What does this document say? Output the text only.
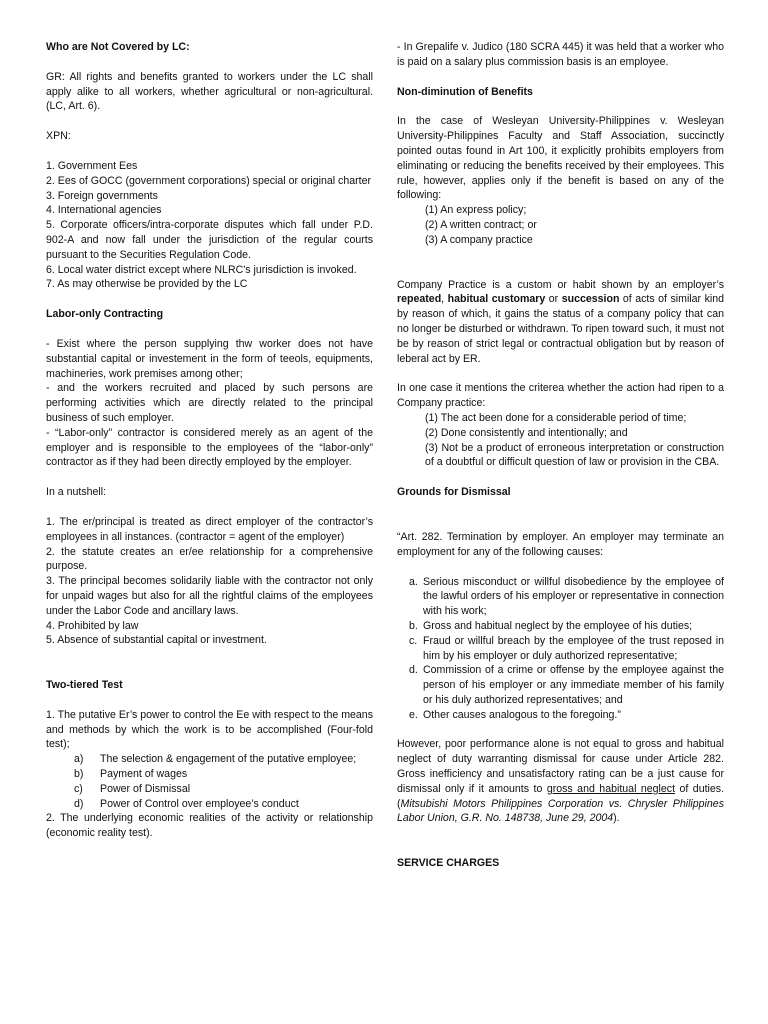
Who are Not Covered by LC:

GR: All rights and benefits granted to workers under the LC shall apply alike to all workers, whether agricultural or non-agricultural. (LC, Art. 6).

XPN:

1. Government Ees

2. Ees of GOCC (government corporations) special or original charter

3. Foreign governments

4. International agencies

5. Corporate officers/intra-corporate disputes which fall under P.D. 902-A and now fall under the jurisdiction of the regular courts pursuant to the Securities Regulation Code.

6. Local water district except where NLRC's jurisdiction is invoked.

7. As may otherwise be provided by the LC

Labor-only Contracting

- Exist where the person supplying thw worker does not have substantial capital or investement in the form of teeols, equipments, machineries, work premises among other;

- and the workers recruited and placed by such persons are performing activities which are directly related to the principal business of such employer.

- “Labor-only” contractor is considered merely as an agent of the employer and is responsible to the employees of the “labor-only” contractor as if they had been directly employed by the employer.

In a nutshell:

1. The er/principal is treated as direct employer of the contractor’s employees in all instances. (contractor = agent of the employer)

2. the statute creates an er/ee relationship for a comprehensive purpose.

3. The principal becomes solidarily liable with the contractor not only for unpaid wages but also for all the rightful claims of the employees under the Labor Code and ancillary laws.

4. Prohibited by law

5. Absence of substantial capital or investment.

Two-tiered Test

1. The putative Er’s power to control the Ee with respect to the means and methods by which the work is to be accomplished (Four-fold test);

a)	The selection & engagement of the putative employee;
b)	Payment of wages
c)	Power of Dismissal
d)	Power of Control over employee’s conduct

2. The underlying economic realities of the activity or relationship (economic reality test).

- In Grepalife v. Judico (180 SCRA 445) it was held that a worker who is paid on a salary plus commission basis is an employee.

Non-diminution of Benefits

In the case of Wesleyan University-Philippines v. Wesleyan University-Philippines Faculty and Staff Association, succinctly pointed outas found in Art 100, it explicitly prohibits employers from eliminating or reducing the benefits received by their employees. This rule, however, applies only if the benefit is based on any of the following:

(1) An express policy;

(2) A written contract; or

(3) A company practice

Company Practice is a custom or habit shown by an employer’s repeated, habitual customary or succession of acts of similar kind by reason of which, it gains the status of a company policy that can no longer be disturbed or withdrawn. To ripen toward such, it must not be by reason of strict legal or contractual obligation but by reason of leberal act by ER.

In one case it mentions the criterea whether the action had ripen to a Company practice:

(1) The act been done for a considerable period of time;

(2) Done consistently and intentionally; and

(3) Not be a product of erroneous interpretation or construction of a doubtful or difficult question of law or provision in the CBA.

Grounds for Dismissal

“Art. 282. Termination by employer. An employer may terminate an employment for any of the following causes:

a. Serious misconduct or willful disobedience by the employee of the lawful orders of his employer or representative in connection with his work;
b. Gross and habitual neglect by the employee of his duties;
c. Fraud or willful breach by the employee of the trust reposed in him by his employer or duly authorized representative;
d. Commission of a crime or offense by the employee against the person of his employer or any immediate member of his family or his duly authorized representatives; and
e. Other causes analogous to the foregoing.”

However, poor performance alone is not equal to gross and habitual neglect of duty warranting dismissal for cause under Article 282. Gross inefficiency and unsatisfactory rating can be a just cause for dismissal only if it amounts to gross and habitual neglect of duties. (Mitsubishi Motors Philippines Corporation vs. Chrysler Philippines Labor Union, G.R. No. 148738, June 29, 2004).

SERVICE CHARGES
